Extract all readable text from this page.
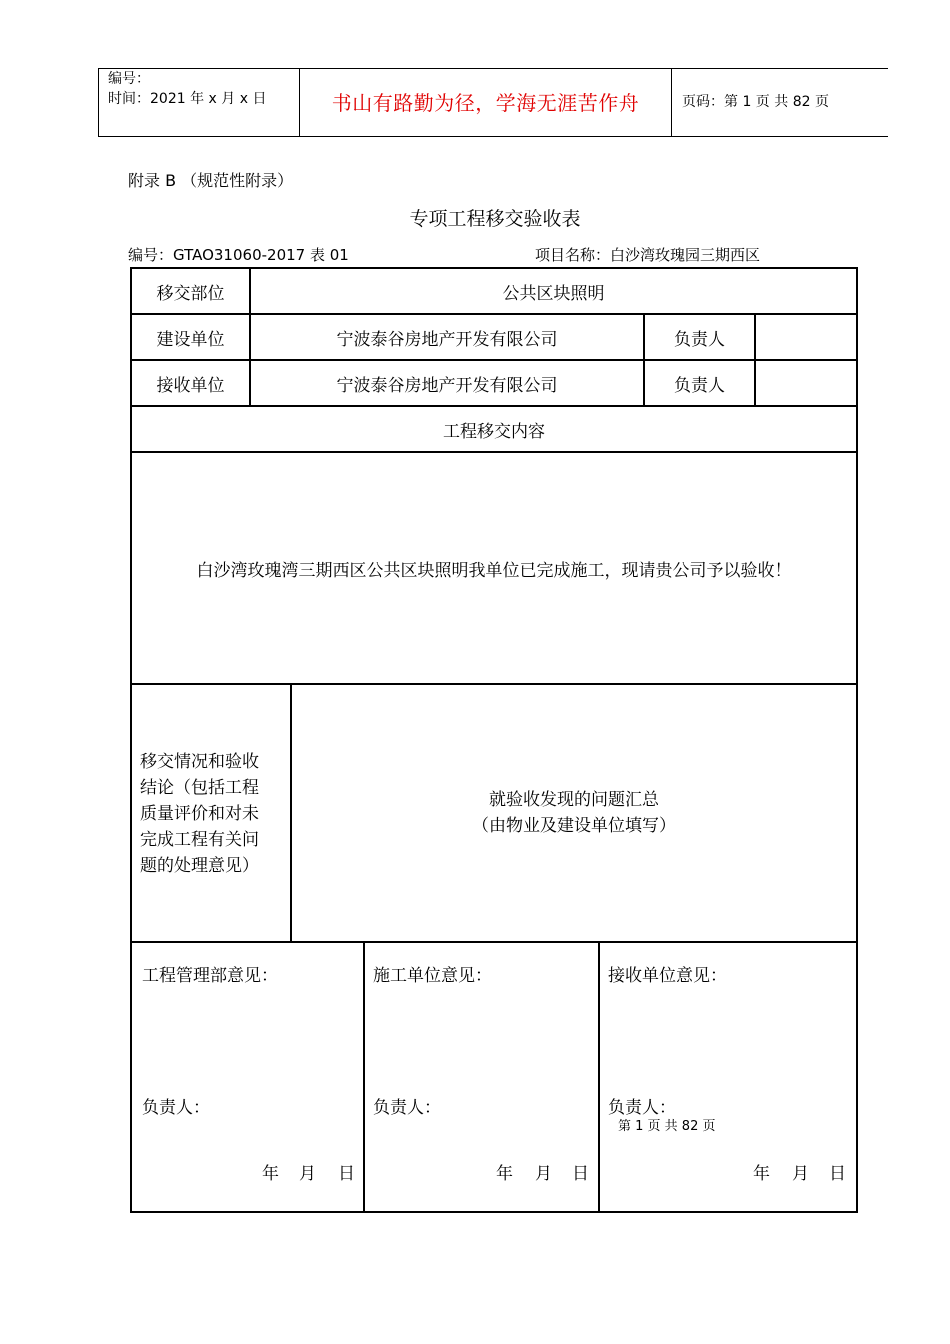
编号：
时间：2021 年 x 月 x 日	书山有路勤为径，学海无涯苦作舟	页码：第 1 页 共 82 页
附录 B （规范性附录）
专项工程移交验收表
编号：GTAO31060-2017 表 01	项目名称：白沙湾玫瑰园三期西区
移交部位	公共区块照明
建设单位	宁波泰谷房地产开发有限公司	负责人
接收单位	宁波泰谷房地产开发有限公司	负责人
工程移交内容
白沙湾玫瑰湾三期西区公共区块照明我单位已完成施工，现请贵公司予以验收！
移交情况和验收
结论（包括工程
质量评价和对未
完成工程有关问
题的处理意见）
就验收发现的问题汇总
（由物业及建设单位填写）
工程管理部意见：
负责人：
年 月 日
施工单位意见：
负责人：
年 月 日
接收单位意见：
负责人：
第 1 页 共 82 页
年 月 日
